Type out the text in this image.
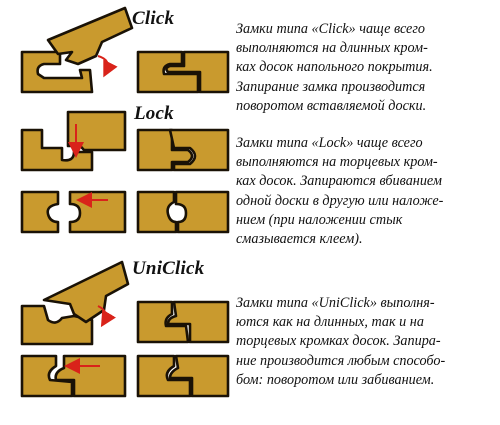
Click
Lock
UniClick
Замки типа «Click» чаще всего
выполняются на длинных кром-
ках досок напольного покрытия.
Запирание замка производится
поворотом вставляемой доски.
Замки типа «Lock» чаще всего
выполняются на торцевых кром-
ках досок. Запираются вбиванием
одной доски в другую или наложе-
нием (при наложении стык
смазывается клеем).
Замки типа «UniClick» выполня-
ются как на длинных, так и на
торцевых кромках досок. Запира-
ние производится любым способо-
бом: поворотом или забиванием.
